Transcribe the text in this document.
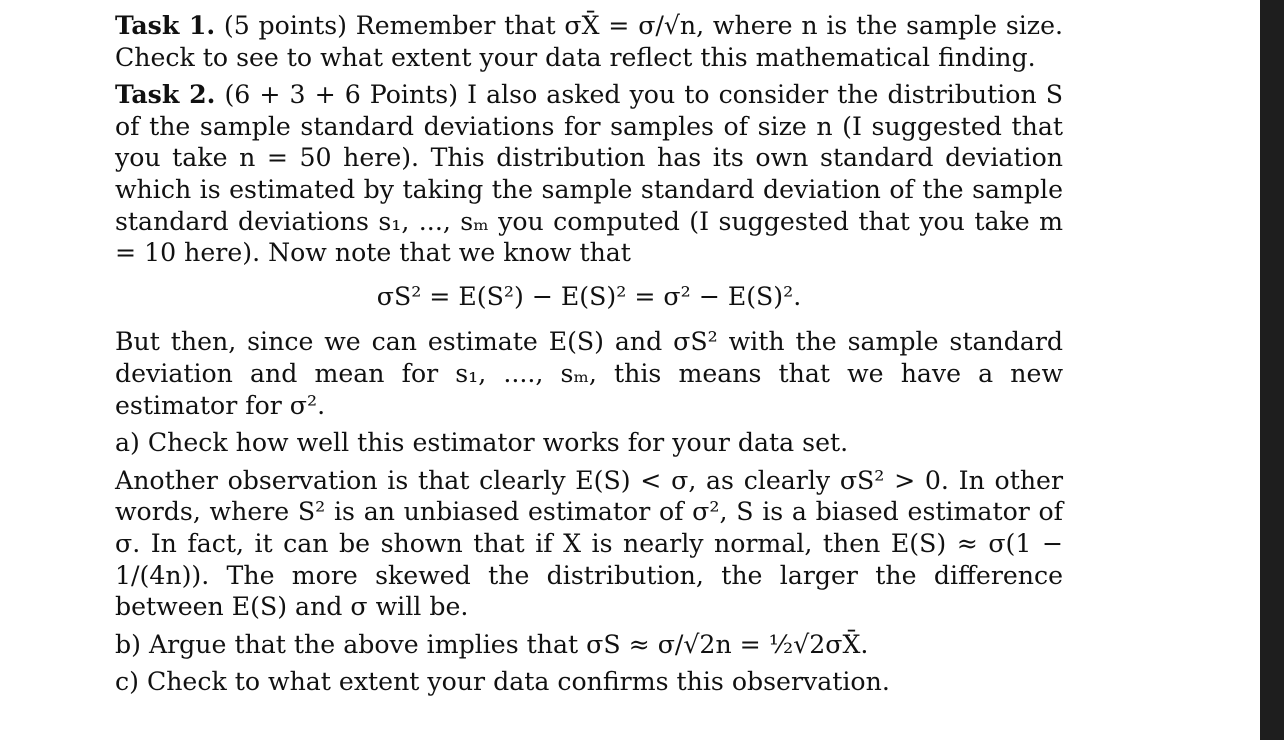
Task 1. (5 points) Remember that σX̄ = σ/√n, where n is the sample size. Check to see to what extent your data reflect this mathematical finding.

Task 2. (6 + 3 + 6 Points) I also asked you to consider the distribution S of the sample standard deviations for samples of size n (I suggested that you take n = 50 here). This distribution has its own standard deviation which is estimated by taking the sample standard deviation of the sample standard deviations s₁, ..., sₘ you computed (I suggested that you take m = 10 here). Now note that we know that

σS² = E(S²) − E(S)² = σ² − E(S)².

But then, since we can estimate E(S) and σS² with the sample standard deviation and mean for s₁, ...., sₘ, this means that we have a new estimator for σ².

a) Check how well this estimator works for your data set.

Another observation is that clearly E(S) < σ, as clearly σS² > 0. In other words, where S² is an unbiased estimator of σ², S is a biased estimator of σ. In fact, it can be shown that if X is nearly normal, then E(S) ≈ σ(1 − 1/(4n)). The more skewed the distribution, the larger the difference between E(S) and σ will be.

b) Argue that the above implies that σS ≈ σ/√2n = ½√2σX̄.

c) Check to what extent your data confirms this observation.
